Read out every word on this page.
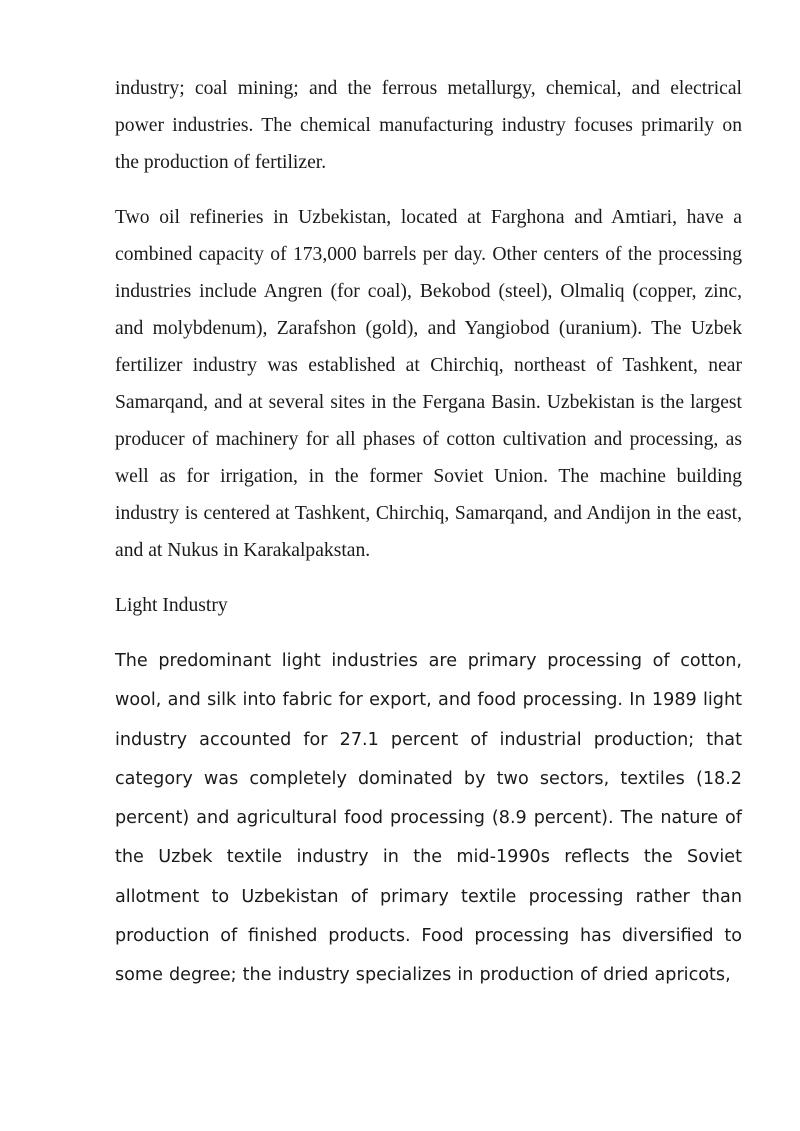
industry; coal mining; and the ferrous metallurgy, chemical, and electrical power industries. The chemical manufacturing industry focuses primarily on the production of fertilizer.

Two oil refineries in Uzbekistan, located at Farghona and Amtiari, have a combined capacity of 173,000 barrels per day. Other centers of the processing industries include Angren (for coal), Bekobod (steel), Olmaliq (copper, zinc, and molybdenum), Zarafshon (gold), and Yangiobod (uranium). The Uzbek fertilizer industry was established at Chirchiq, northeast of Tashkent, near Samarqand, and at several sites in the Fergana Basin. Uzbekistan is the largest producer of machinery for all phases of cotton cultivation and processing, as well as for irrigation, in the former Soviet Union. The machine building industry is centered at Tashkent, Chirchiq, Samarqand, and Andijon in the east, and at Nukus in Karakalpakstan.

Light Industry

The predominant light industries are primary processing of cotton, wool, and silk into fabric for export, and food processing. In 1989 light industry accounted for 27.1 percent of industrial production; that category was completely dominated by two sectors, textiles (18.2 percent) and agricultural food processing (8.9 percent). The nature of the Uzbek textile industry in the mid-1990s reflects the Soviet allotment to Uzbekistan of primary textile processing rather than production of finished products. Food processing has diversified to some degree; the industry specializes in production of dried apricots,
